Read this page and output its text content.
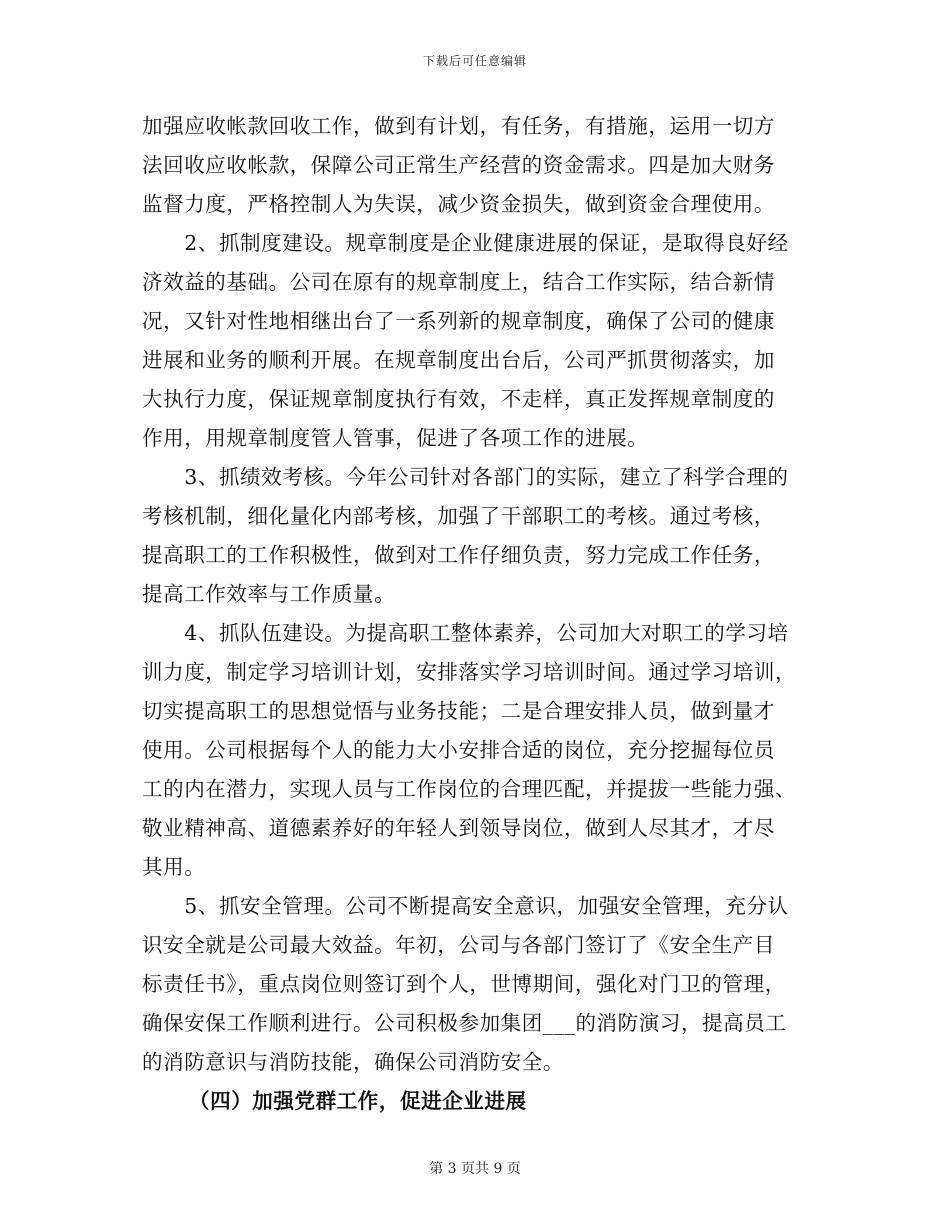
下载后可任意编辑
加强应收帐款回收工作，做到有计划，有任务，有措施，运用一切方
法回收应收帐款，保障公司正常生产经营的资金需求。四是加大财务
监督力度，严格控制人为失误，减少资金损失，做到资金合理使用。
　　2、抓制度建设。规章制度是企业健康进展的保证，是取得良好经
济效益的基础。公司在原有的规章制度上，结合工作实际，结合新情
况，又针对性地相继出台了一系列新的规章制度，确保了公司的健康
进展和业务的顺利开展。在规章制度出台后，公司严抓贯彻落实，加
大执行力度，保证规章制度执行有效，不走样，真正发挥规章制度的
作用，用规章制度管人管事，促进了各项工作的进展。
　　3、抓绩效考核。今年公司针对各部门的实际，建立了科学合理的
考核机制，细化量化内部考核，加强了干部职工的考核。通过考核，
提高职工的工作积极性，做到对工作仔细负责，努力完成工作任务，
提高工作效率与工作质量。
　　4、抓队伍建设。为提高职工整体素养，公司加大对职工的学习培
训力度，制定学习培训计划，安排落实学习培训时间。通过学习培训，
切实提高职工的思想觉悟与业务技能；二是合理安排人员，做到量才
使用。公司根据每个人的能力大小安排合适的岗位，充分挖掘每位员
工的内在潜力，实现人员与工作岗位的合理匹配，并提拔一些能力强、
敬业精神高、道德素养好的年轻人到领导岗位，做到人尽其才，才尽
其用。
　　5、抓安全管理。公司不断提高安全意识，加强安全管理，充分认
识安全就是公司最大效益。年初，公司与各部门签订了《安全生产目
标责任书》，重点岗位则签订到个人，世博期间，强化对门卫的管理，
确保安保工作顺利进行。公司积极参加集团___的消防演习，提高员工
的消防意识与消防技能，确保公司消防安全。
（四）加强党群工作，促进企业进展
第 3 页共 9 页
